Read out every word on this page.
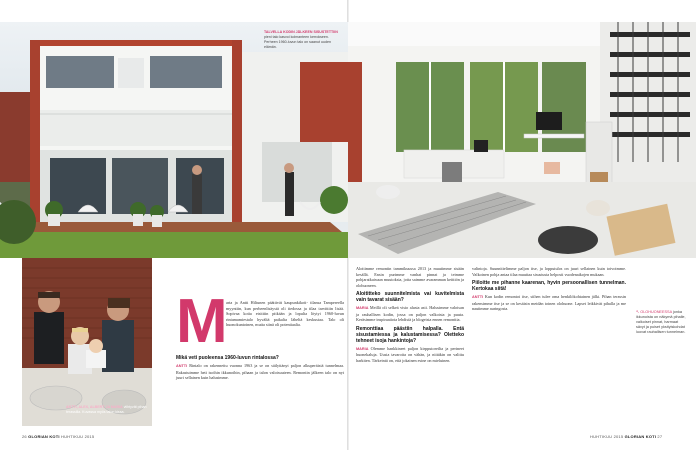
TALVELLA KODIN JÄLKEEN SISUSTETTIIN pieni talo kasvoi kolmanteen kerrokseen. Perheen 1960-luvun talo on saanut uuden elämän.
ANTTI, ALEX, ALBERT JA MARIA viihtyvät pihan terassilla. Kuvassa myös talon kissa.
M

aria ja Antti Hiltunen päättivät kaupunkikoti- tilansa Tampereella myyntiin, kun perheenlisäystä oli tiedossa ja tilaa tarvittiin lisää. Sopivaa kotia etsittiin pitkään ja lopulta löytyi 1960-luvun rintamamiestalo hyvältä paikalta läheltä keskustaa. Talo oli huonokuntoinen, mutta siinä oli potentiaalia.

Mikä veti puoleensa 1960-luvun rintalossa?

ANTTI Rintalo on rakennettu vuonna 1963 ja se on säilyttänyt paljon alkuperäistä tunnelmaa. Rakastuimme heti isoihin ikkunoihin, pihaan ja talon valoisuuteen. Remontin jälkeen talo on nyt juuri sellainen kuin halusimme.

Aloitimme remontin tammikuussa 2013 ja muutimme sisään kesällä. Ensin purimme vanhat pinnat ja teimme pohjaratkaisuun muutoksia, jotta saimme avaramman keittiön ja olohuoneen.

Aloititteko suunnitelmista vai kuvitelmista vain tavarat sisään?

MARIA Meillä oli selkeä visio alusta asti. Halusimme valoisan ja rauhallisen kodin, jossa on paljon valkoista ja puuta. Keräsimme inspiraatiota lehdistä ja blogeista ennen remonttia.

Remonttiaa päästiin halpalla. Entä sisustamiessa ja kalustamisessa? Oletteko tehneet isoja hankintoja?

MARIA Olemme hankkineet paljon kirpputoreilta ja perineet huonekaluja. Uusia tavaroita on vähän, ja niitäkin on valittu harkiten. Tärkeintä on, että jokainen esine on mieluinen.

valintoja. Suunnittelimme paljon itse, ja lopputulos on juuri sellainen kuin toivoimme. Valkoinen pohja antaa tilaa muuttaa sisustusta helposti vuodenaikojen mukaan.

Piiloitte me pihanne kaarenan, hyvin persoonallisen tunnelman. Kertokaa siitä!

ANTTI Kun kodin remontoi itse, siihen tulee oma henkilökohtainen jälki. Pihan terassin rakensimme itse ja se on kesäisin meidän toinen olohuone. Lapset leikkivät pihalla ja me nautimme auringosta.

↖ OLOHUONEESSA jonka ikkunoista on näkymä pihalle, valkoiset pinnat, harmaat sävyt ja puiset yksityiskohdat luovat rauhallisen tunnelman.
26 GLORIAN KOTI HUHTIKUU 2015	HUHTIKUU 2015 GLORIAN KOTI 27
